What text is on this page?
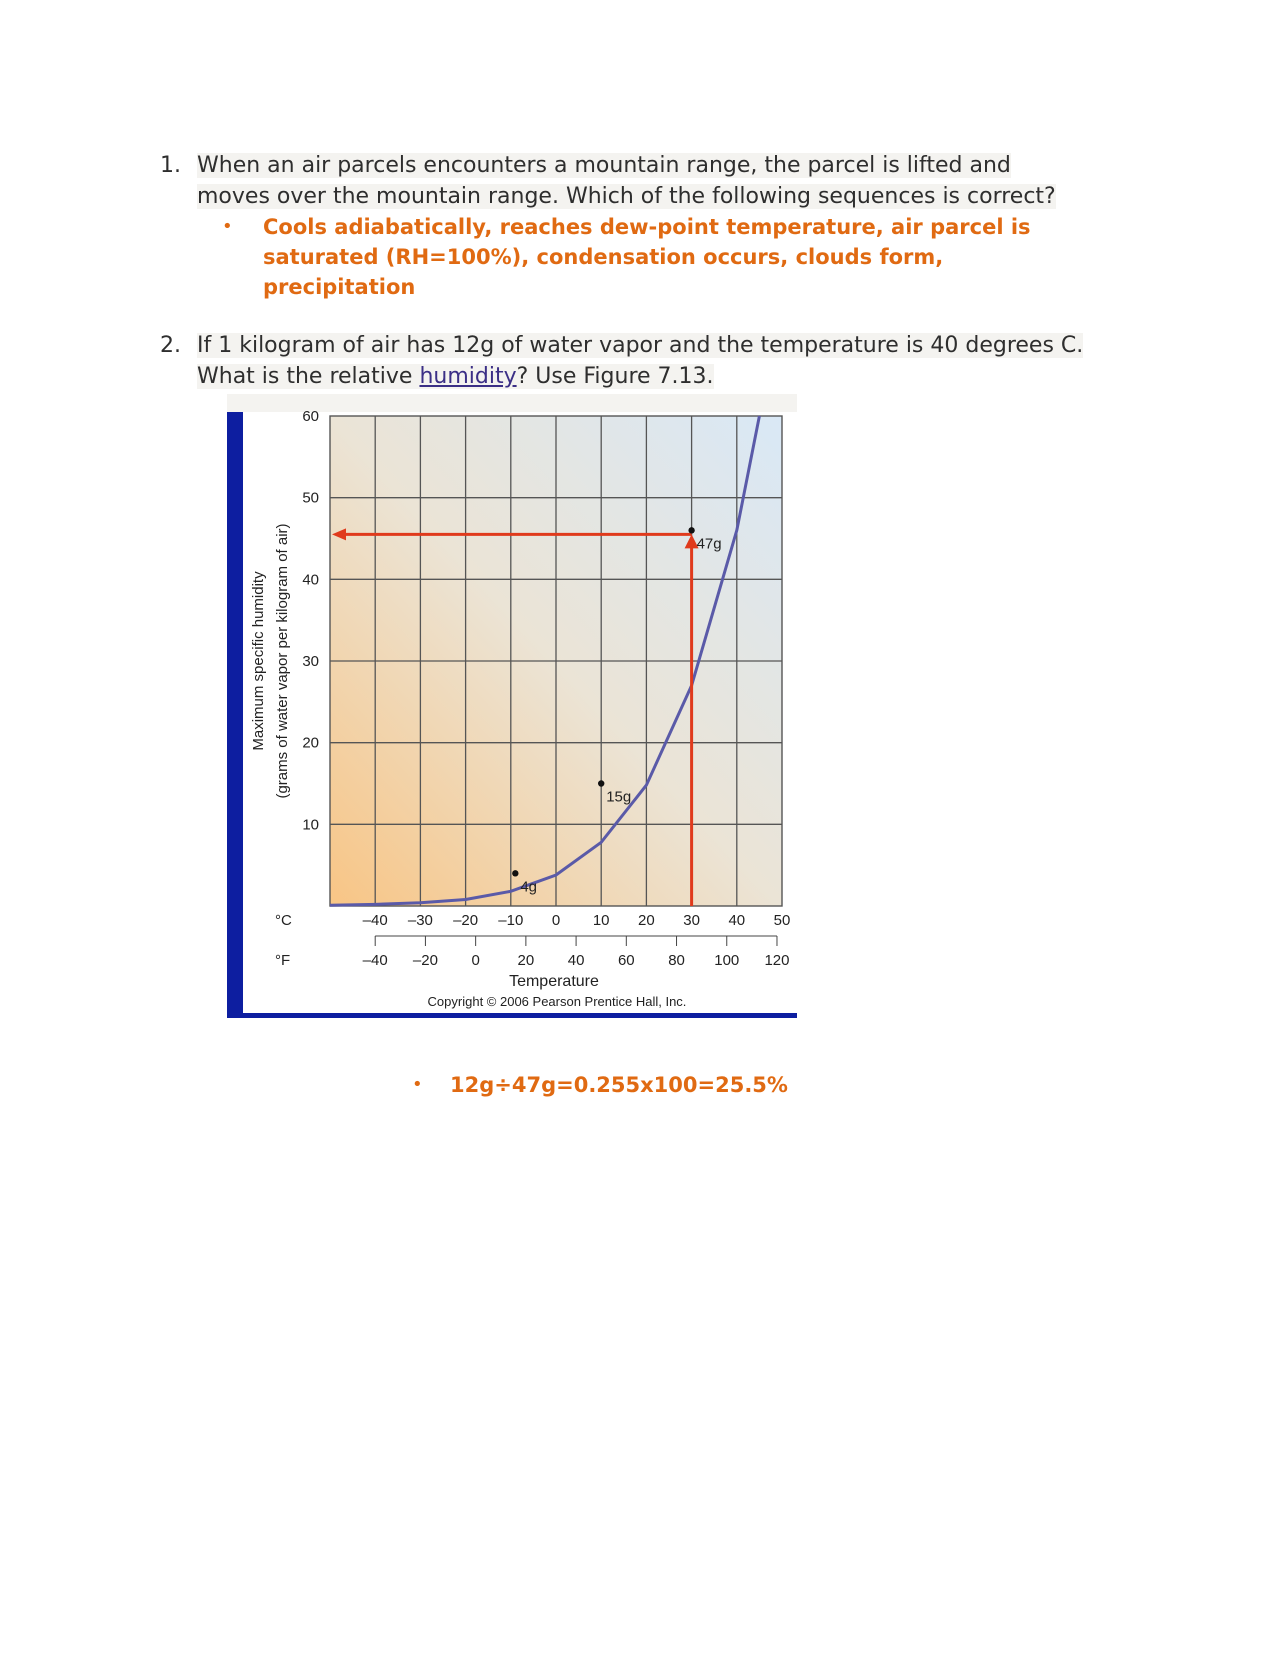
1. When an air parcels encounters a mountain range, the parcel is lifted and
moves over the mountain range. Which of the following sequences is correct?
• Cools adiabatically, reaches dew-point temperature, air parcel is
saturated (RH=100%), condensation occurs, clouds form,
precipitation
2. If 1 kilogram of air has 12g of water vapor and the temperature is 40 degrees C.
What is the relative humidity? Use Figure 7.13.
10
20
30
40
50
60
–40 –30 –20 –10 0 10 20 30 40 50
–40 –20 0	20 40 60 80 100 120
4g
15g
47g
Maximum specific humidity (grams of water vapor per kilogram of air)
°C
°F
Temperature
Copyright © 2006 Pearson Prentice Hall, Inc.
• 12g÷47g=0.255x100=25.5%
